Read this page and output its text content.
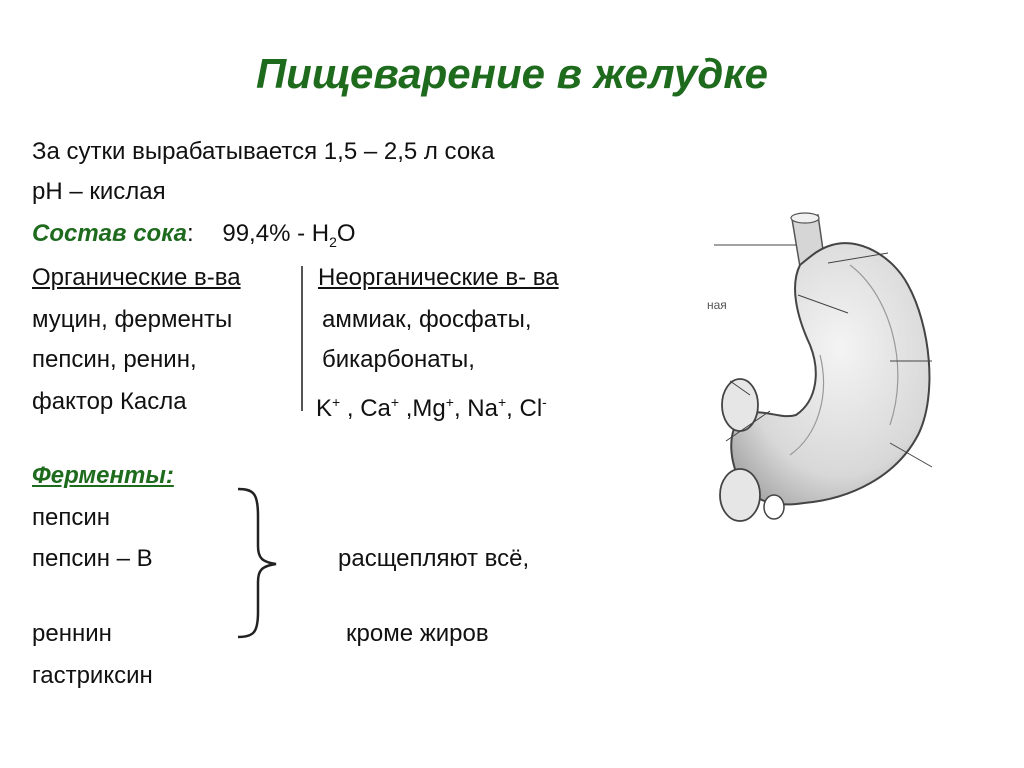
Пищеварение в желудке
За сутки вырабатывается 1,5 – 2,5 л сока
pH – кислая
Состав сока: $99,4\% - H_2O$
Органические в-ва
муцин, ферменты
пепсин, ренин,
фактор Касла
Неорганические в- ва
аммиак, фосфаты,
бикарбонаты,
K+ , Ca+ ,Mg+, Na+, Cl-
Ферменты:
пепсин
пепсин – В
реннин
гастриксин
расщепляют всё,
кроме жиров
ная
